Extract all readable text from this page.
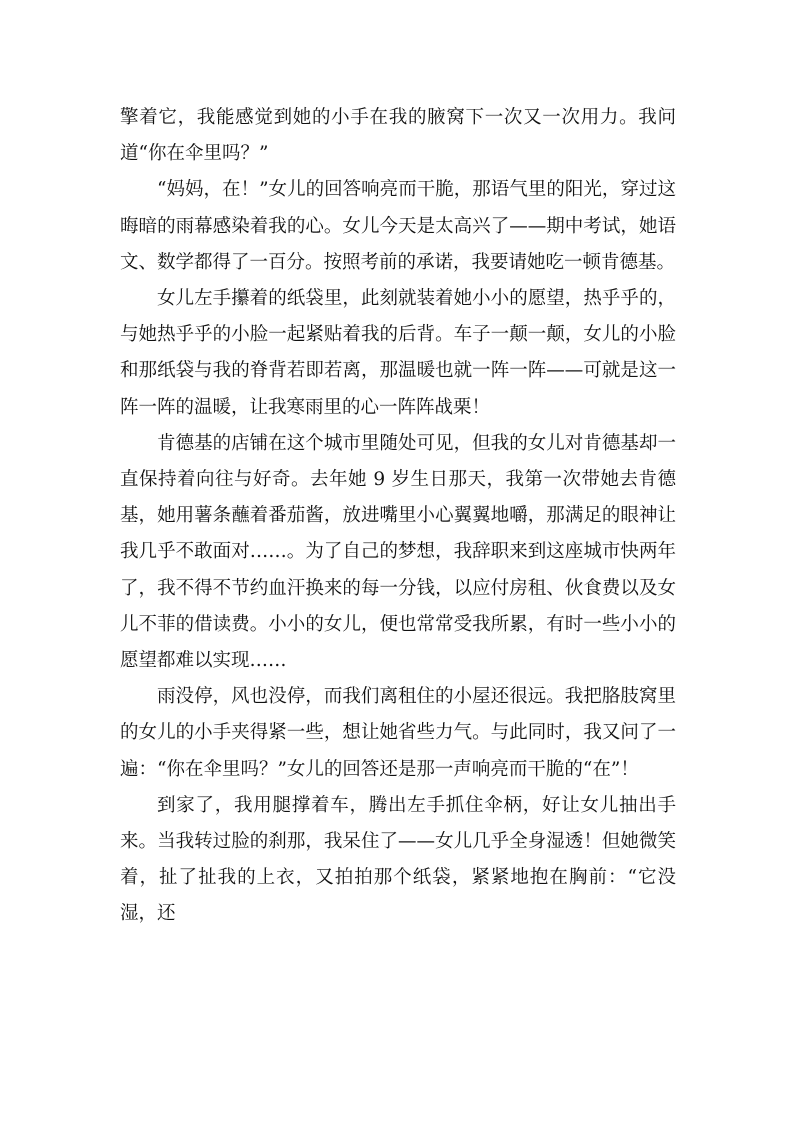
擎着它，我能感觉到她的小手在我的腋窝下一次又一次用力。我问道“你在伞里吗？”

“妈妈，在！”女儿的回答响亮而干脆，那语气里的阳光，穿过这晦暗的雨幕感染着我的心。女儿今天是太高兴了——期中考试，她语文、数学都得了一百分。按照考前的承诺，我要请她吃一顿肯德基。

女儿左手攥着的纸袋里，此刻就装着她小小的愿望，热乎乎的，与她热乎乎的小脸一起紧贴着我的后背。车子一颠一颠，女儿的小脸和那纸袋与我的脊背若即若离，那温暖也就一阵一阵——可就是这一阵一阵的温暖，让我寒雨里的心一阵阵战栗！

肯德基的店铺在这个城市里随处可见，但我的女儿对肯德基却一直保持着向往与好奇。去年她 9 岁生日那天，我第一次带她去肯德基，她用薯条蘸着番茄酱，放进嘴里小心翼翼地嚼，那满足的眼神让我几乎不敢面对……。为了自己的梦想，我辞职来到这座城市快两年了，我不得不节约血汗换来的每一分钱，以应付房租、伙食费以及女儿不菲的借读费。小小的女儿，便也常常受我所累，有时一些小小的愿望都难以实现……

雨没停，风也没停，而我们离租住的小屋还很远。我把胳肢窝里的女儿的小手夹得紧一些，想让她省些力气。与此同时，我又问了一遍：“你在伞里吗？”女儿的回答还是那一声响亮而干脆的“在”！

到家了，我用腿撑着车，腾出左手抓住伞柄，好让女儿抽出手来。当我转过脸的刹那，我呆住了——女儿几乎全身湿透！但她微笑着，扯了扯我的上衣，又拍拍那个纸袋，紧紧地抱在胸前：“它没湿，还
